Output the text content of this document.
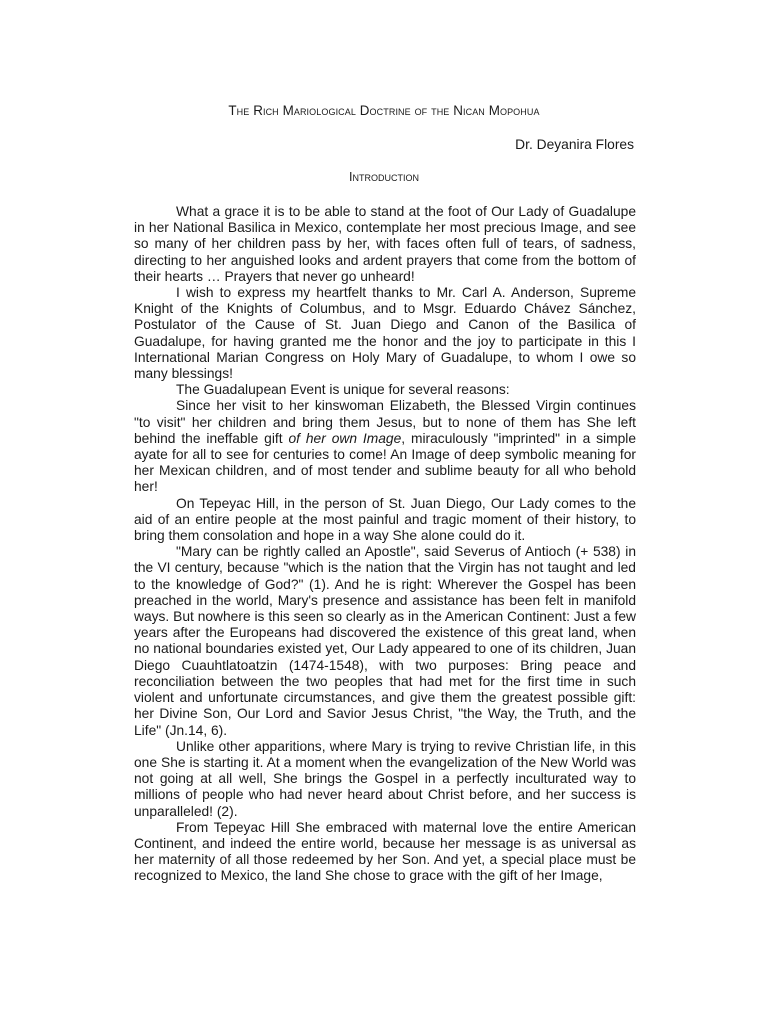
The Rich Mariological Doctrine of the Nican Mopohua
Dr. Deyanira Flores
Introduction

What a grace it is to be able to stand at the foot of Our Lady of Guadalupe in her National Basilica in Mexico, contemplate her most precious Image, and see so many of her children pass by her, with faces often full of tears, of sadness, directing to her anguished looks and ardent prayers that come from the bottom of their hearts … Prayers that never go unheard!

I wish to express my heartfelt thanks to Mr. Carl A. Anderson, Supreme Knight of the Knights of Columbus, and to Msgr. Eduardo Chávez Sánchez, Postulator of the Cause of St. Juan Diego and Canon of the Basilica of Guadalupe, for having granted me the honor and the joy to participate in this I International Marian Congress on Holy Mary of Guadalupe, to whom I owe so many blessings!

The Guadalupean Event is unique for several reasons:

Since her visit to her kinswoman Elizabeth, the Blessed Virgin continues "to visit" her children and bring them Jesus, but to none of them has She left behind the ineffable gift of her own Image, miraculously "imprinted" in a simple ayate for all to see for centuries to come! An Image of deep symbolic meaning for her Mexican children, and of most tender and sublime beauty for all who behold her!

On Tepeyac Hill, in the person of St. Juan Diego, Our Lady comes to the aid of an entire people at the most painful and tragic moment of their history, to bring them consolation and hope in a way She alone could do it.

"Mary can be rightly called an Apostle", said Severus of Antioch (+ 538) in the VI century, because "which is the nation that the Virgin has not taught and led to the knowledge of God?" (1). And he is right: Wherever the Gospel has been preached in the world, Mary's presence and assistance has been felt in manifold ways. But nowhere is this seen so clearly as in the American Continent: Just a few years after the Europeans had discovered the existence of this great land, when no national boundaries existed yet, Our Lady appeared to one of its children, Juan Diego Cuauhtlatoatzin (1474-1548), with two purposes: Bring peace and reconciliation between the two peoples that had met for the first time in such violent and unfortunate circumstances, and give them the greatest possible gift: her Divine Son, Our Lord and Savior Jesus Christ, "the Way, the Truth, and the Life" (Jn.14, 6).

Unlike other apparitions, where Mary is trying to revive Christian life, in this one She is starting it. At a moment when the evangelization of the New World was not going at all well, She brings the Gospel in a perfectly inculturated way to millions of people who had never heard about Christ before, and her success is unparalleled! (2).

From Tepeyac Hill She embraced with maternal love the entire American Continent, and indeed the entire world, because her message is as universal as her maternity of all those redeemed by her Son. And yet, a special place must be recognized to Mexico, the land She chose to grace with the gift of her Image,
